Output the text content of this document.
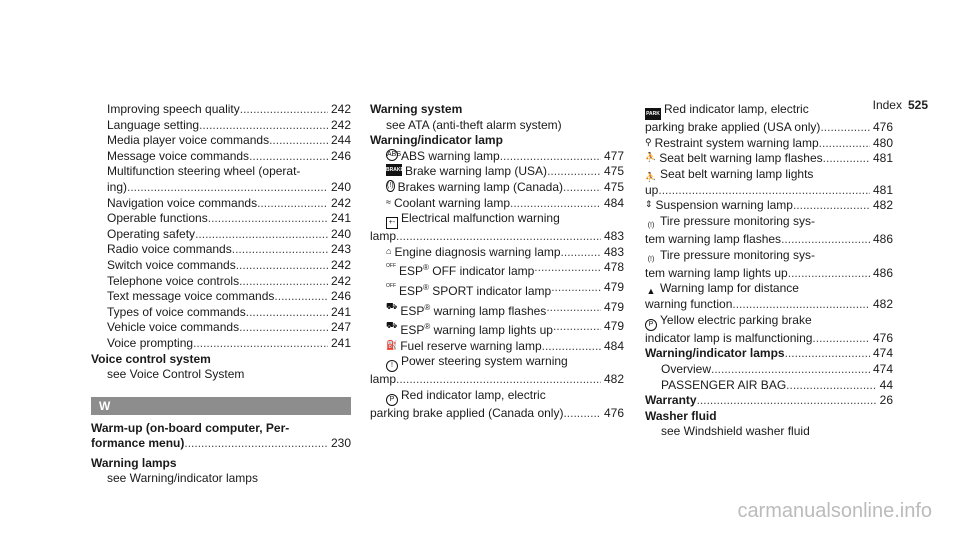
Index 525
Improving speech quality .....	242
Language setting .....	242
Media player voice commands .....	244
Message voice commands .....	246
Multifunction steering wheel (operat-
ing) .....	240
Navigation voice commands .....	242
Operable functions .....	241
Operating safety .....	240
Radio voice commands .....	243
Switch voice commands .....	242
Telephone voice controls .....	242
Text message voice commands .....	246
Types of voice commands .....	241
Vehicle voice commands .....	247
Voice prompting .....	241
Voice control system
see Voice Control System
W
Warm-up (on-board computer, Per-
formance menu) .....	230
Warning lamps
see Warning/indicator lamps
Warning system
see ATA (anti-theft alarm system)
Warning/indicator lamp
ABS ABS warning lamp .....	477
BRAKE Brake warning lamp (USA) .....	475
(!) Brakes warning lamp (Canada) .....	475
≈ Coolant warning lamp .....	484
+- Electrical malfunction warning
lamp .....	483
⌂ Engine diagnosis warning lamp .....	483
OFF ESP® OFF indicator lamp .....	478
OFF ESP® SPORT indicator lamp .....	479
⛟ ESP® warning lamp flashes .....	479
⛟ ESP® warning lamp lights up .....	479
⛽ Fuel reserve warning lamp .....	484
! Power steering system warning
lamp .....	482
P Red indicator lamp, electric
parking brake applied (Canada only) .....	476
PARK Red indicator lamp, electric
parking brake applied (USA only) .....	476
⚲ Restraint system warning lamp .....	480
⛹ Seat belt warning lamp flashes .....	481
⛹ Seat belt warning lamp lights
up .....	481
⇕ Suspension warning lamp .....	482
(!) Tire pressure monitoring sys-
tem warning lamp flashes .....	486
(!) Tire pressure monitoring sys-
tem warning lamp lights up .....	486
▲ Warning lamp for distance
warning function .....	482
P Yellow electric parking brake
indicator lamp is malfunctioning .....	476
Warning/indicator lamps .....	474
Overview .....	474
PASSENGER AIR BAG .....	44
Warranty .....	26
Washer fluid
see Windshield washer fluid
carmanualsonline.info
